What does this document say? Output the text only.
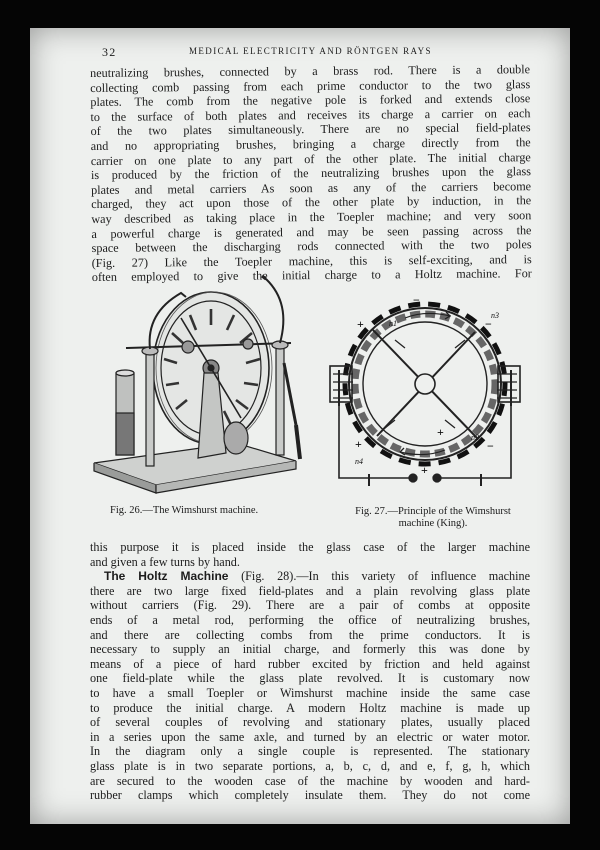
32	MEDICAL ELECTRICITY AND RÖNTGEN RAYS
neutralizing brushes, connected by a brass rod. There is a double
collecting comb passing from each prime conductor to the two glass
plates. The comb from the negative pole is forked and extends close
to the surface of both plates and receives its charge a carrier on each
of the two plates simultaneously. There are no special field-plates
and no appropriating brushes, bringing a charge directly from the
carrier on one plate to any part of the other plate. The initial charge
is produced by the friction of the neutralizing brushes upon the glass
plates and metal carriers As soon as any of the carriers become
charged, they act upon those of the other plate by induction, in the
way described as taking place in the Toepler machine; and very soon
a powerful charge is generated and may be seen passing across the
space between the discharging rods connected with the two poles
(Fig. 27) Like the Toepler machine, this is self-exciting, and is
often employed to give the initial charge to a Holtz machine. For
+
−
−
−
+
+
+
n1
n2
n3
n4
Fig. 26.—The Wimshurst machine.	Fig. 27.—Principle of the Wimshurst
machine (King).
this purpose it is placed inside the glass case of the larger machine
and given a few turns by hand.
The Holtz Machine (Fig. 28).—In this variety of influence machine
there are two large fixed field-plates and a plain revolving glass plate
without carriers (Fig. 29). There are a pair of combs at opposite
ends of a metal rod, performing the office of neutralizing brushes,
and there are collecting combs from the prime conductors. It is
necessary to supply an initial charge, and formerly this was done by
means of a piece of hard rubber excited by friction and held against
one field-plate while the glass plate revolved. It is customary now
to have a small Toepler or Wimshurst machine inside the same case
to produce the initial charge. A modern Holtz machine is made up
of several couples of revolving and stationary plates, usually placed
in a series upon the same axle, and turned by an electric or water motor.
In the diagram only a single couple is represented. The stationary
glass plate is in two separate portions, a, b, c, d, and e, f, g, h, which
are secured to the wooden case of the machine by wooden and hard-
rubber clamps which completely insulate them. They do not come
